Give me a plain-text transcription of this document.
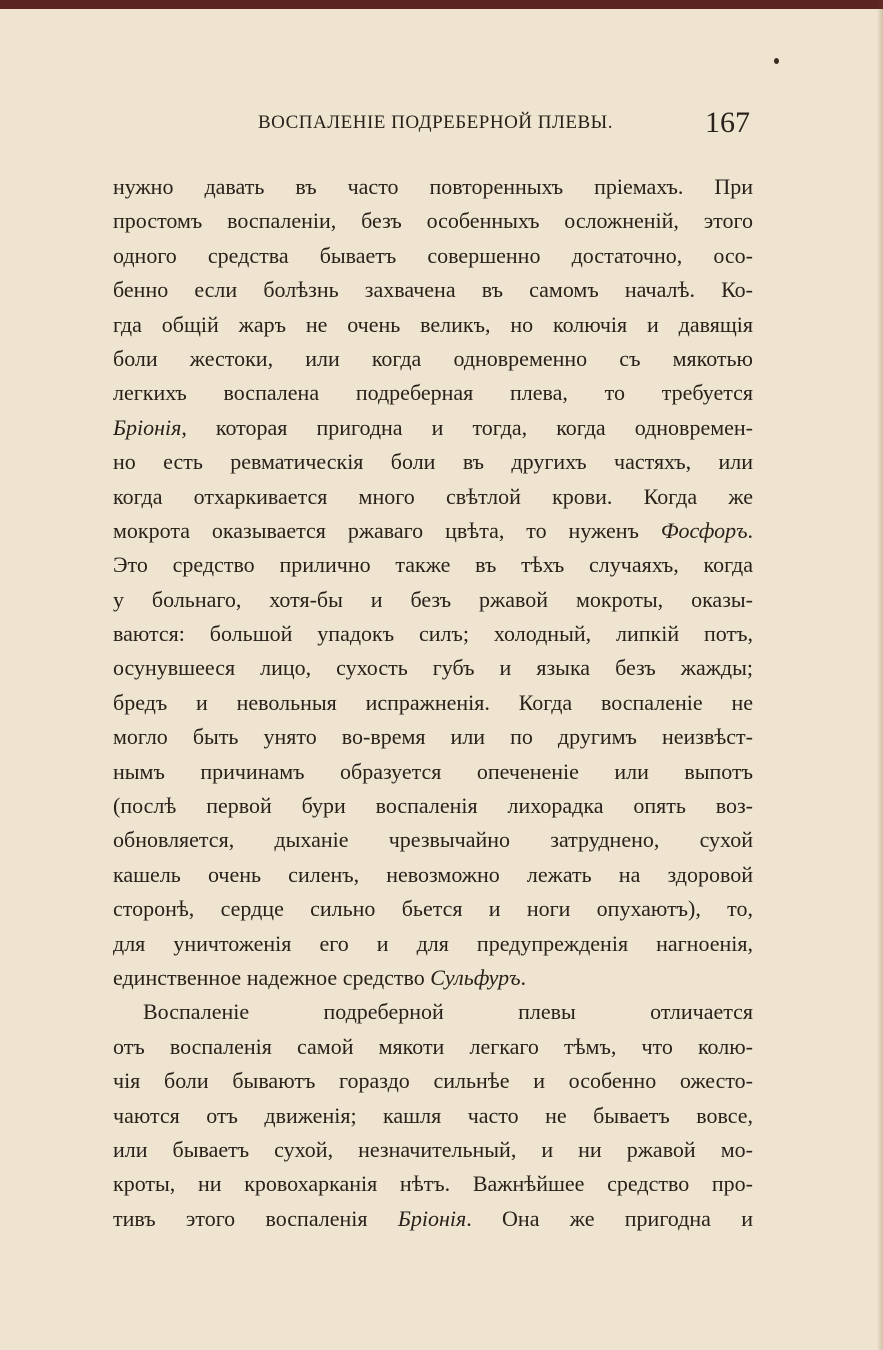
ВОСПАЛЕНІЕ ПОДРЕБЕРНОЙ ПЛЕВЫ.	167
нужно давать въ часто повторенныхъ пріемахъ. При
простомъ воспаленіи, безъ особенныхъ осложненій, этого
одного средства бываетъ совершенно достаточно, осо-
бенно если болѣзнь захвачена въ самомъ началѣ. Ко-
гда общій жаръ не очень великъ, но колючія и давящія
боли жестоки, или когда одновременно съ мякотью
легкихъ воспалена подреберная плева, то требуется
Бріонія, которая пригодна и тогда, когда одновремен-
но есть ревматическія боли въ другихъ частяхъ, или
когда отхаркивается много свѣтлой крови. Когда же
мокрота оказывается ржаваго цвѣта, то нуженъ Фосфоръ.
Это средство прилично также въ тѣхъ случаяхъ, когда
у больнаго, хотя-бы и безъ ржавой мокроты, оказы-
ваются: большой упадокъ силъ; холодный, липкій потъ,
осунувшееся лицо, сухость губъ и языка безъ жажды;
бредъ и невольныя испражненія. Когда воспаленіе не
могло быть унято во-время или по другимъ неизвѣст-
нымъ причинамъ образуется опечененіе или выпотъ
(послѣ первой бури воспаленія лихорадка опять воз-
обновляется, дыханіе чрезвычайно затруднено, сухой
кашель очень силенъ, невозможно лежать на здоровой
сторонѣ, сердце сильно бьется и ноги опухаютъ), то,
для уничтоженія его и для предупрежденія нагноенія,
единственное надежное средство Сульфуръ.
Воспаленіе подреберной плевы отличается
отъ воспаленія самой мякоти легкаго тѣмъ, что колю-
чія боли бываютъ гораздо сильнѣе и особенно ожесто-
чаются отъ движенія; кашля часто не бываетъ вовсе,
или бываетъ сухой, незначительный, и ни ржавой мо-
кроты, ни кровохарканія нѣтъ. Важнѣйшее средство про-
тивъ этого воспаленія Бріонія. Она же пригодна и
